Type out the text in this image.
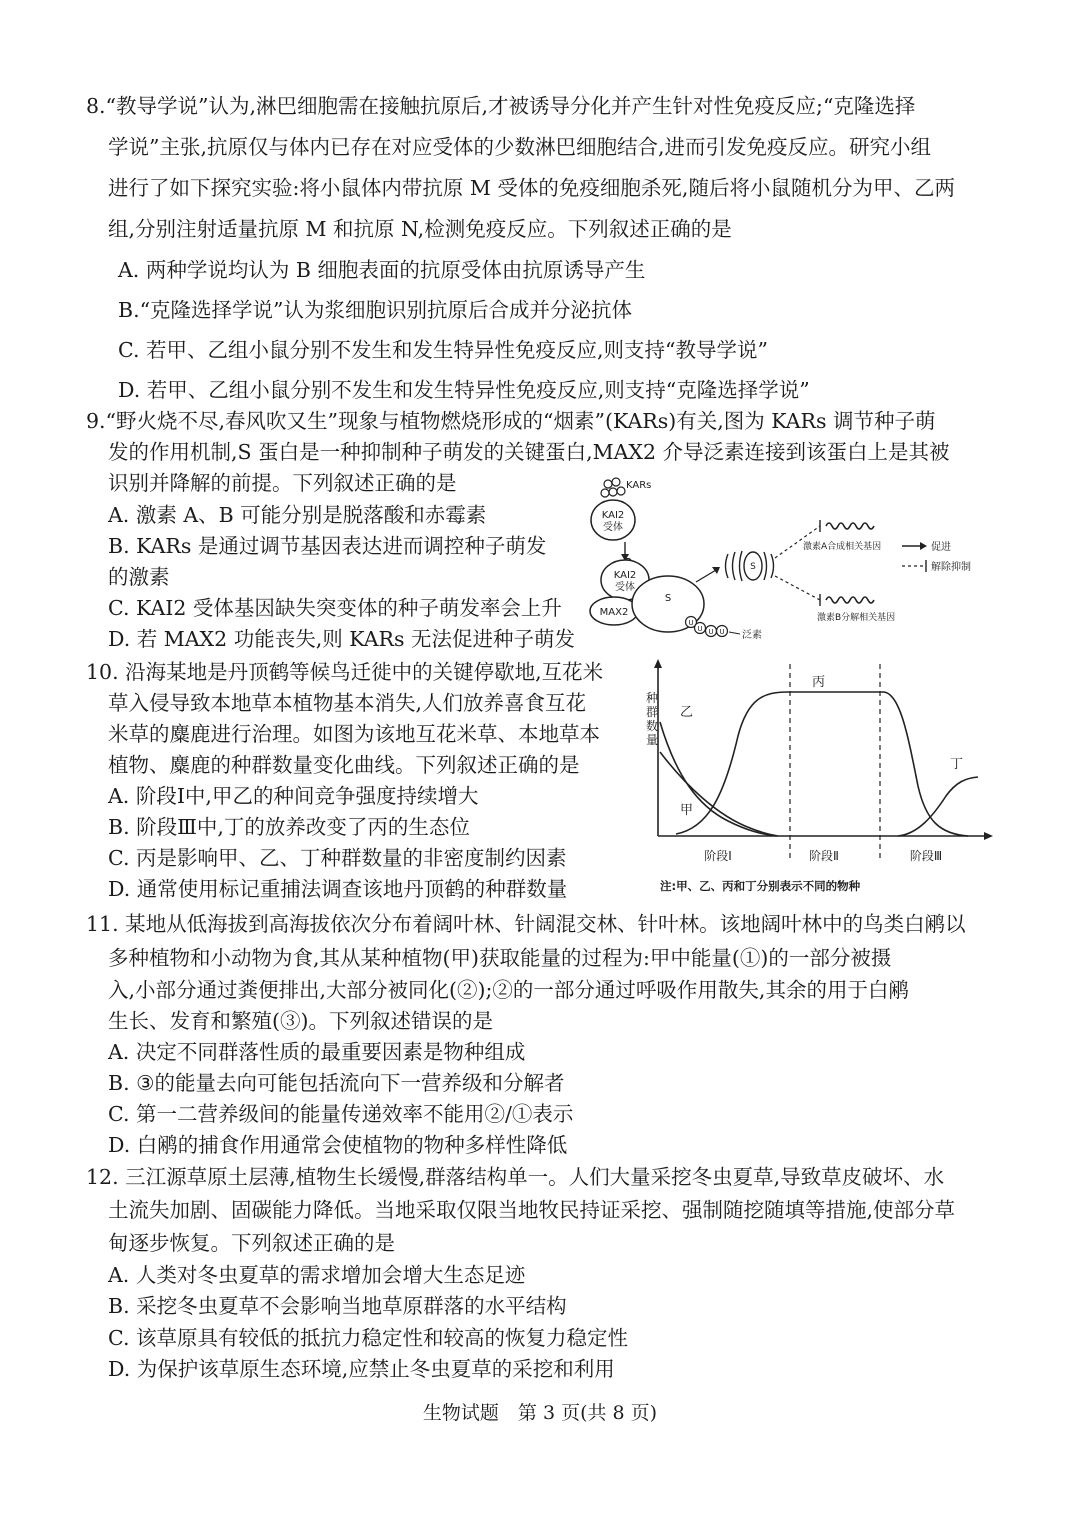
8.“教导学说”认为,淋巴细胞需在接触抗原后,才被诱导分化并产生针对性免疫反应;“克隆选择
学说”主张,抗原仅与体内已存在对应受体的少数淋巴细胞结合,进而引发免疫反应。研究小组
进行了如下探究实验:将小鼠体内带抗原 M 受体的免疫细胞杀死,随后将小鼠随机分为甲、乙两
组,分别注射适量抗原 M 和抗原 N,检测免疫反应。下列叙述正确的是
A. 两种学说均认为 B 细胞表面的抗原受体由抗原诱导产生
B.“克隆选择学说”认为浆细胞识别抗原后合成并分泌抗体
C. 若甲、乙组小鼠分别不发生和发生特异性免疫反应,则支持“教导学说”
D. 若甲、乙组小鼠分别不发生和发生特异性免疫反应,则支持“克隆选择学说”
9.“野火烧不尽,春风吹又生”现象与植物燃烧形成的“烟素”(KARs)有关,图为 KARs 调节种子萌
发的作用机制,S 蛋白是一种抑制种子萌发的关键蛋白,MAX2 介导泛素连接到该蛋白上是其被
识别并降解的前提。下列叙述正确的是
A. 激素 A、B 可能分别是脱落酸和赤霉素
B. KARs 是通过调节基因表达进而调控种子萌发
的激素
C. KAI2 受体基因缺失突变体的种子萌发率会上升
D. 若 MAX2 功能丧失,则 KARs 无法促进种子萌发
KARs
KAI2
受体
KAI2
受体
MAX2
S
U
U U U 泛素
S
激素A合成相关基因
激素B分解相关基因
促进
解除抑制
10. 沿海某地是丹顶鹤等候鸟迁徙中的关键停歇地,互花米
草入侵导致本地草本植物基本消失,人们放养喜食互花
米草的麋鹿进行治理。如图为该地互花米草、本地草本
植物、麋鹿的种群数量变化曲线。下列叙述正确的是
A. 阶段Ⅰ中,甲乙的种间竞争强度持续增大
B. 阶段Ⅲ中,丁的放养改变了丙的生态位
C. 丙是影响甲、乙、丁种群数量的非密度制约因素
D. 通常使用标记重捕法调查该地丹顶鹤的种群数量
种群数量
乙
甲
丙
丁
阶段Ⅰ	阶段Ⅱ	阶段Ⅲ
注:甲、乙、丙和丁分别表示不同的物种
11. 某地从低海拔到高海拔依次分布着阔叶林、针阔混交林、针叶林。该地阔叶林中的鸟类白鹇以
多种植物和小动物为食,其从某种植物(甲)获取能量的过程为:甲中能量(①)的一部分被摄
入,小部分通过粪便排出,大部分被同化(②);②的一部分通过呼吸作用散失,其余的用于白鹇
生长、发育和繁殖(③)。下列叙述错误的是
A. 决定不同群落性质的最重要因素是物种组成
B. ③的能量去向可能包括流向下一营养级和分解者
C. 第一二营养级间的能量传递效率不能用②/①表示
D. 白鹇的捕食作用通常会使植物的物种多样性降低
12. 三江源草原土层薄,植物生长缓慢,群落结构单一。人们大量采挖冬虫夏草,导致草皮破坏、水
土流失加剧、固碳能力降低。当地采取仅限当地牧民持证采挖、强制随挖随填等措施,使部分草
甸逐步恢复。下列叙述正确的是
A. 人类对冬虫夏草的需求增加会增大生态足迹
B. 采挖冬虫夏草不会影响当地草原群落的水平结构
C. 该草原具有较低的抵抗力稳定性和较高的恢复力稳定性
D. 为保护该草原生态环境,应禁止冬虫夏草的采挖和利用
生物试题　第 3 页(共 8 页)
